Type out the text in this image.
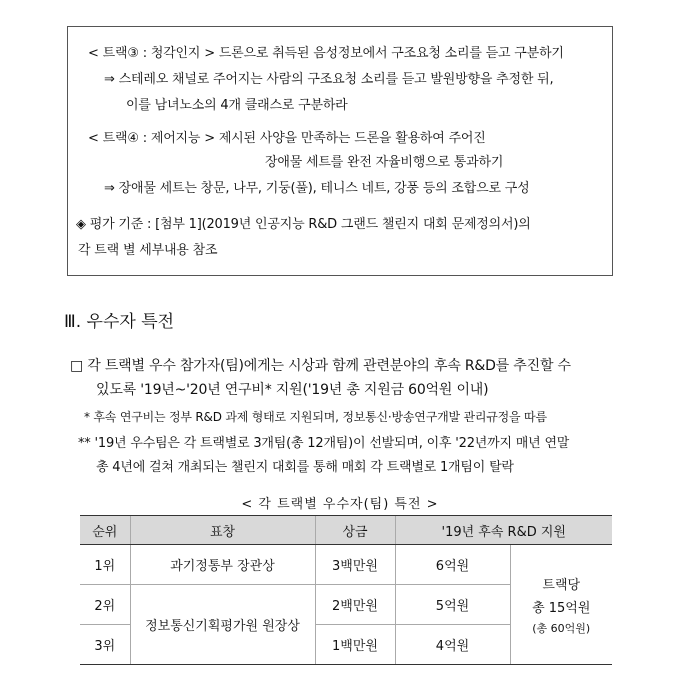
< 트랙③ : 청각인지 > 드론으로 취득된 음성정보에서 구조요청 소리를 듣고 구분하기
⇒ 스테레오 채널로 주어지는 사람의 구조요청 소리를 듣고 발원방향을 추정한 뒤,
이를 남녀노소의 4개 클래스로 구분하라
< 트랙④ : 제어지능 > 제시된 사양을 만족하는 드론을 활용하여 주어진
장애물 세트를 완전 자율비행으로 통과하기
⇒ 장애물 세트는 창문, 나무, 기둥(풀), 테니스 네트, 강풍 등의 조합으로 구성
◈ 평가 기준 : [첨부 1](2019년 인공지능 R&D 그랜드 챌린지 대회 문제정의서)의
각 트랙 별 세부내용 참조
Ⅲ. 우수자 특전
□ 각 트랙별 우수 참가자(팀)에게는 시상과 함께 관련분야의 후속 R&D를 추진할 수
있도록 '19년~'20년 연구비* 지원('19년 총 지원금 60억원 이내)
* 후속 연구비는 정부 R&D 과제 형태로 지원되며, 정보통신·방송연구개발 관리규정을 따름
** '19년 우수팀은 각 트랙별로 3개팀(총 12개팀)이 선발되며, 이후 '22년까지 매년 연말
총 4년에 걸쳐 개최되는 챌린지 대회를 통해 매회 각 트랙별로 1개팀이 탈락
< 각 트랙별 우수자(팀) 특전 >
순위	표창	상금	'19년 후속 R&D 지원	
1위	과기정통부 장관상	3백만원	6억원	트랙당
총 15억원
(총 60억원)

2위	정보통신기획평가원 원장상	2백만원	5억원	
3위		1백만원	4억원	
